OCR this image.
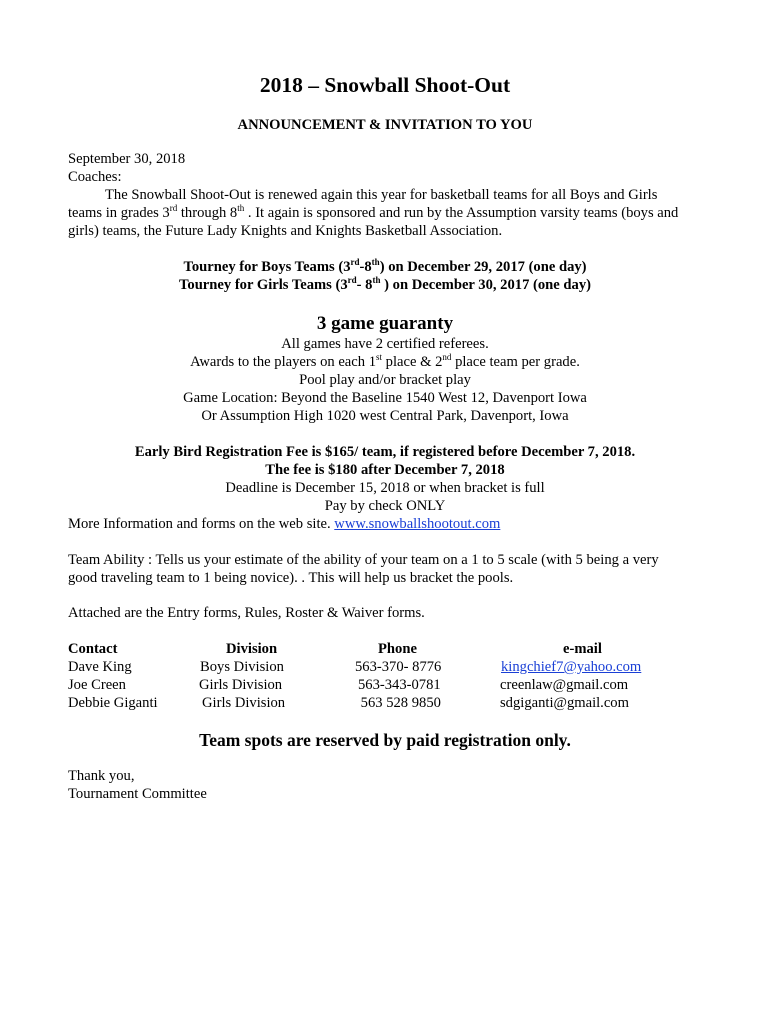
2018 – Snowball Shoot-Out
ANNOUNCEMENT & INVITATION TO YOU
September 30, 2018
Coaches:
The Snowball Shoot-Out is renewed again this year for basketball teams for all Boys and Girls
teams in grades 3rd through 8th . It again is sponsored and run by the Assumption varsity teams (boys and
girls) teams, the Future Lady Knights and Knights Basketball Association.
Tourney for Boys Teams (3rd-8th) on December 29, 2017 (one day)
Tourney for Girls Teams (3rd- 8th ) on December 30, 2017 (one day)
3 game guaranty
All games have 2 certified referees.
Awards to the players on each 1st place & 2nd place team per grade.
Pool play and/or bracket play
Game Location: Beyond the Baseline 1540 West 12, Davenport Iowa
Or Assumption High 1020 west Central Park, Davenport, Iowa
Early Bird Registration Fee is $165/ team, if registered before December 7, 2018.
The fee is $180 after December 7, 2018
Deadline is December 15, 2018 or when bracket is full
Pay by check ONLY
More Information and forms on the web site. www.snowballshootout.com
Team Ability : Tells us your estimate of the ability of your team on a 1 to 5 scale (with 5 being a very
good traveling team to 1 being novice). . This will help us bracket the pools.
Attached are the Entry forms, Rules, Roster & Waiver forms.
Contact	Division	Phone	e-mail
Dave King	Boys Division	563-370- 8776	kingchief7@yahoo.com
Joe Creen	Girls Division	563-343-0781	creenlaw@gmail.com
Debbie Giganti	Girls Division	563 528 9850	sdgiganti@gmail.com
Team spots are reserved by paid registration only.
Thank you,
Tournament Committee
